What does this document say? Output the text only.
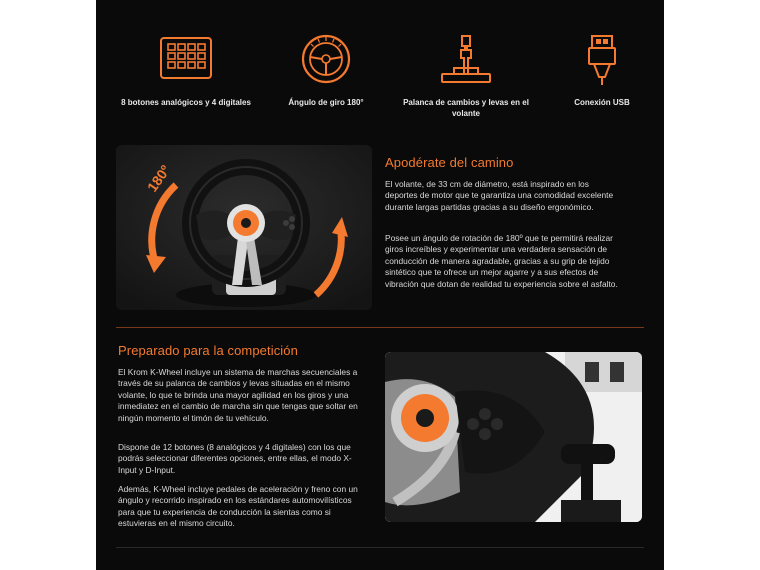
8 botones analógicos y 4 digitales	Ángulo de giro 180°	Palanca de cambios y levas en el volante
Conexión USB
180º	Apodérate del camino

El volante, de 33 cm de diámetro, está inspirado en los deportes de motor que te garantiza una comodidad excelente durante largas partidas gracias a su diseño ergonómico.

Posee un ángulo de rotación de 180º que te permitirá realizar giros increíbles y experimentar una verdadera sensación de conducción de manera agradable, gracias a su grip de tejido sintético que te ofrece un mejor agarre y a sus efectos de vibración que dotan de realidad tu experiencia sobre el asfalto.

Preparado para la competición

El Krom K-Wheel incluye un sistema de marchas secuenciales a través de su palanca de cambios y levas situadas en el mismo volante, lo que te brinda una mayor agilidad en los giros y una inmediatez en el cambio de marcha sin que tengas que soltar en ningún momento el timón de tu vehículo.

Dispone de 12 botones (8 analógicos y 4 digitales) con los que podrás seleccionar diferentes opciones, entre ellas, el modo X-Input y D-Input.

Además, K-Wheel incluye pedales de aceleración y freno con un ángulo y recorrido inspirado en los estándares automovilísticos para que tu experiencia de conducción la sientas como si estuvieras en el mismo circuito.
